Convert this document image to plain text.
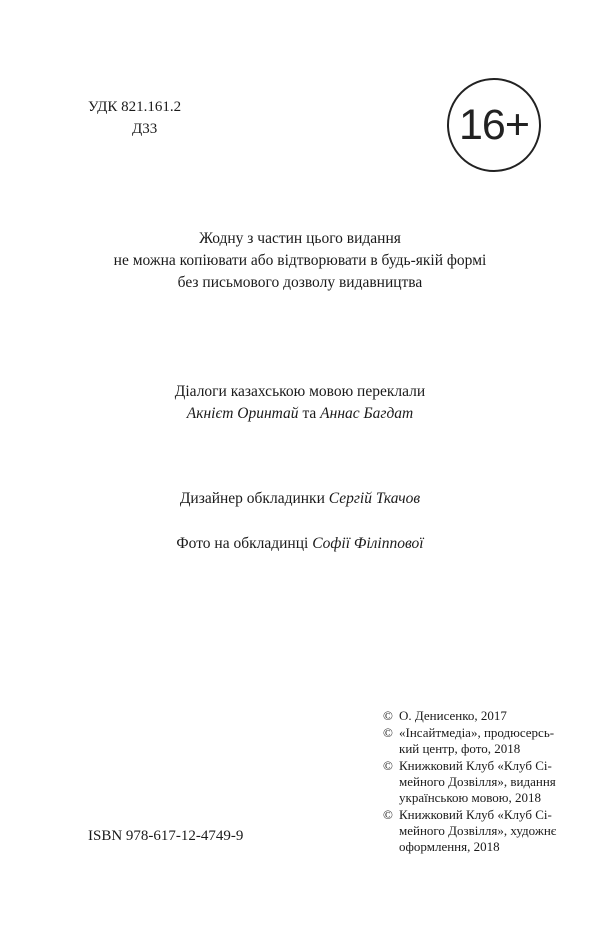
УДК 821.161.2
Д33	16+
Жодну з частин цього видання
не можна копіювати або відтворювати в будь-якій формі
без письмового дозволу видавництва
Діалоги казахською мовою переклали
Акнієт Оринтай та Аннас Багдат
Дизайнер обкладинки Сергій Ткачов
Фото на обкладинці Софії Філіппової
© О. Денисенко, 2017
© «Інсайтмедіа», продюсерсь-
кий центр, фото, 2018
© Книжковий Клуб «Клуб Сі-
мейного Дозвілля», видання
українською мовою, 2018
© Книжковий Клуб «Клуб Сі-
мейного Дозвілля», художнє оформлення, 2018
ISBN 978-617-12-4749-9
